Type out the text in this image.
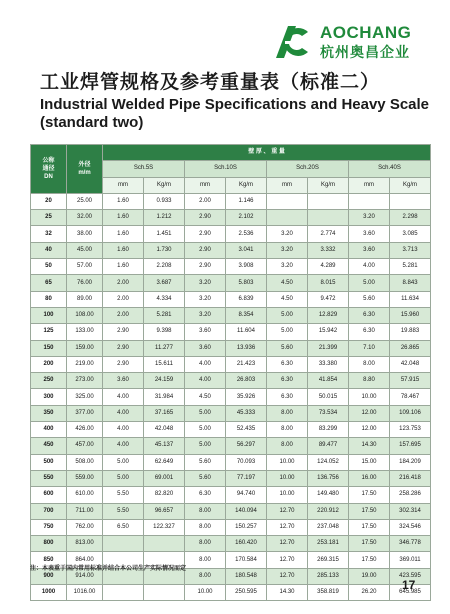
AOCHANG
杭州奥昌企业
工业焊管规格及参考重量表（标准二）
Industrial Welded Pipe Specifications and Heavy Scale (standard two)
公称
通径
DN	外径
m/m	壁 厚 、 重 量							
		Sch.5S		Sch.10S		Sch.20S		Sch.40S	
		mm	Kg/m	mm	Kg/m	mm	Kg/m	mm	Kg/m
20	25.00	1.60	0.933	2.00	1.146				
25	32.00	1.60	1.212	2.90	2.102			3.20	2.298
32	38.00	1.60	1.451	2.90	2.536	3.20	2.774	3.60	3.085
40	45.00	1.60	1.730	2.90	3.041	3.20	3.332	3.60	3.713
50	57.00	1.60	2.208	2.90	3.908	3.20	4.289	4.00	5.281
65	76.00	2.00	3.687	3.20	5.803	4.50	8.015	5.00	8.843
80	89.00	2.00	4.334	3.20	6.839	4.50	9.472	5.60	11.634
100	108.00	2.00	5.281	3.20	8.354	5.00	12.829	6.30	15.960
125	133.00	2.90	9.398	3.60	11.604	5.00	15.942	6.30	19.883
150	159.00	2.90	11.277	3.60	13.936	5.60	21.399	7.10	26.865
200	219.00	2.90	15.611	4.00	21.423	6.30	33.380	8.00	42.048
250	273.00	3.60	24.159	4.00	26.803	6.30	41.854	8.80	57.915
300	325.00	4.00	31.984	4.50	35.926	6.30	50.015	10.00	78.467
350	377.00	4.00	37.165	5.00	45.333	8.00	73.534	12.00	109.106
400	426.00	4.00	42.048	5.00	52.435	8.00	83.299	12.00	123.753
450	457.00	4.00	45.137	5.00	56.297	8.00	89.477	14.30	157.695
500	508.00	5.00	62.649	5.60	70.093	10.00	124.052	15.00	184.209
550	559.00	5.00	69.001	5.60	77.197	10.00	136.756	16.00	216.418
600	610.00	5.50	82.820	6.30	94.740	10.00	149.480	17.50	258.286
700	711.00	5.50	96.657	8.00	140.094	12.70	220.912	17.50	302.314
750	762.00	6.50	122.327	8.00	150.257	12.70	237.048	17.50	324.546
800	813.00			8.00	160.420	12.70	253.181	17.50	346.778
850	864.00			8.00	170.584	12.70	269.315	17.50	369.011
900	914.00			8.00	180.548	12.70	285.133	19.00	423.595
1000	1016.00			10.00	250.595	14.30	358.819	26.20	645.985
注：本表重于国内常用标准并结合本公司生产实际情况而定
17
